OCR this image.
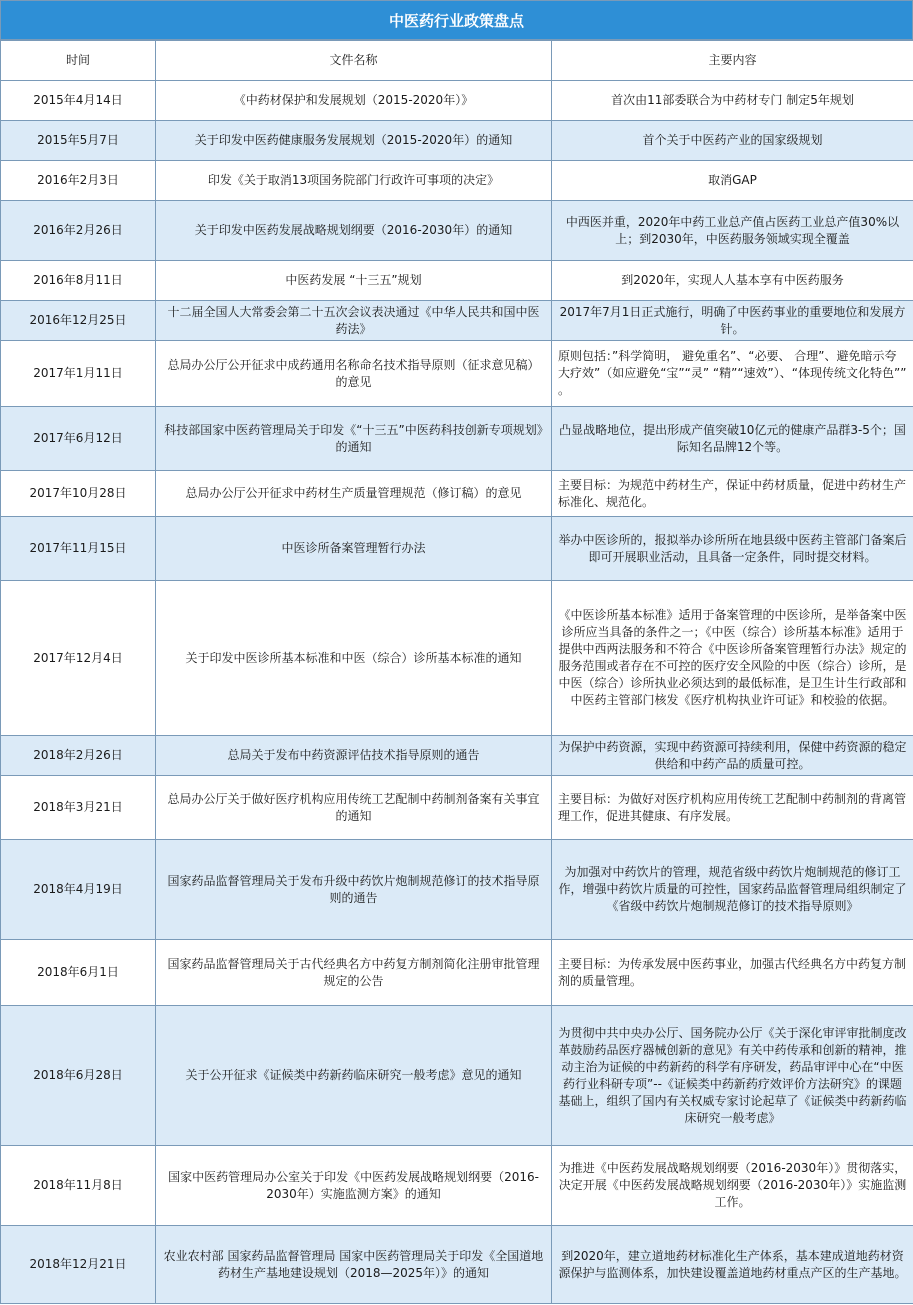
中医药行业政策盘点
时间	文件名称	主要内容
2015年4月14日	《中药材保护和发展规划（2015-2020年）》	首次由11部委联合为中药材专门 制定5年规划
2015年5月7日	关于印发中医药健康服务发展规划（2015-2020年）的通知	首个关于中医药产业的国家级规划
2016年2月3日	印发《关于取消13项国务院部门行政许可事项的决定》	取消GAP
2016年2月26日	关于印发中医药发展战略规划纲要（2016-2030年）的通知	中西医并重，2020年中药工业总产值占医药工业总产值30%以上；到2030年，中医药服务领域实现全覆盖
2016年8月11日	中医药发展 “十三五”规划	到2020年，实现人人基本享有中医药服务
2016年12月25日	十二届全国人大常委会第二十五次会议表决通过《中华人民共和国中医药法》	2017年7月1日正式施行，明确了中医药事业的重要地位和发展方针。
2017年1月11日	总局办公厅公开征求中成药通用名称命名技术指导原则（征求意见稿）的意见	原则包括：”科学简明， 避免重名”、“必要、 合理”、避免暗示夸大疗效”（如应避免“宝”“灵” “精”“速效”）、“体现传统文化特色”” 。
2017年6月12日	科技部国家中医药管理局关于印发《“十三五”中医药科技创新专项规划》的通知	凸显战略地位，提出形成产值突破10亿元的健康产品群3-5个；国际知名品牌12个等。
2017年10月28日	总局办公厅公开征求中药材生产质量管理规范（修订稿）的意见	主要目标：为规范中药材生产，保证中药材质量，促进中药材生产标准化、规范化。
2017年11月15日	中医诊所备案管理暂行办法	举办中医诊所的，报拟举办诊所所在地县级中医药主管部门备案后即可开展职业活动，且具备一定条件，同时提交材料。
2017年12月4日	关于印发中医诊所基本标准和中医（综合）诊所基本标准的通知	《中医诊所基本标准》适用于备案管理的中医诊所，是举备案中医诊所应当具备的条件之一；《中医（综合）诊所基本标准》适用于提供中西两法服务和不符合《中医诊所备案管理暂行办法》规定的服务范围或者存在不可控的医疗安全风险的中医（综合）诊所，是中医（综合）诊所执业必须达到的最低标准，是卫生计生行政部和中医药主管部门核发《医疗机构执业许可证》和校验的依据。
2018年2月26日	总局关于发布中药资源评估技术指导原则的通告	为保护中药资源，实现中药资源可持续利用，保健中药资源的稳定供给和中药产品的质量可控。
2018年3月21日	总局办公厅关于做好医疗机构应用传统工艺配制中药制剂备案有关事宜的通知	主要目标：为做好对医疗机构应用传统工艺配制中药制剂的背离管理工作，促进其健康、有序发展。
2018年4月19日	国家药品监督管理局关于发布升级中药饮片炮制规范修订的技术指导原则的通告	为加强对中药饮片的管理，规范省级中药饮片炮制规范的修订工作，增强中药饮片质量的可控性，国家药品监督管理局组织制定了《省级中药饮片炮制规范修订的技术指导原则》
2018年6月1日	国家药品监督管理局关于古代经典名方中药复方制剂简化注册审批管理规定的公告	主要目标：为传承发展中医药事业，加强古代经典名方中药复方制剂的质量管理。
2018年6月28日	关于公开征求《证候类中药新药临床研究一般考虑》意见的通知	为贯彻中共中央办公厅、国务院办公厅《关于深化审评审批制度改革鼓励药品医疗器械创新的意见》有关中药传承和创新的精神，推动主治为证候的中药新药的科学有序研发，药品审评中心在“中医药行业科研专项”--《证候类中药新药疗效评价方法研究》的课题基础上，组织了国内有关权威专家讨论起草了《证候类中药新药临床研究一般考虑》
2018年11月8日	国家中医药管理局办公室关于印发《中医药发展战略规划纲要（2016-2030年）实施监测方案》的通知	为推进《中医药发展战略规划纲要（2016-2030年）》贯彻落实，决定开展《中医药发展战略规划纲要（2016-2030年）》实施监测工作。
2018年12月21日	农业农村部 国家药品监督管理局 国家中医药管理局关于印发《全国道地药材生产基地建设规划（2018—2025年）》的通知	到2020年，建立道地药材标准化生产体系，基本建成道地药材资源保护与监测体系，加快建设覆盖道地药材重点产区的生产基地。
